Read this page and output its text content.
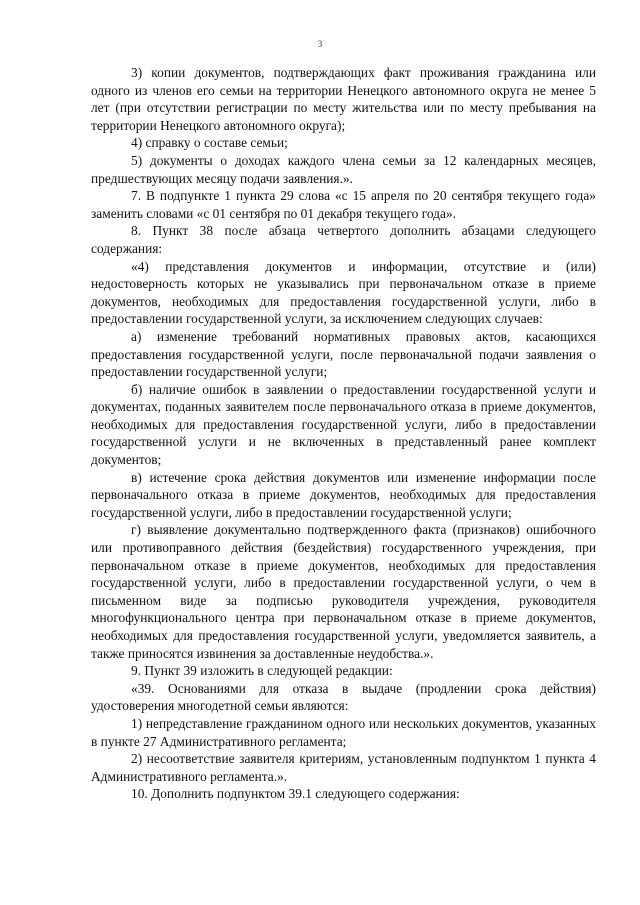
3

3) копии документов, подтверждающих факт проживания гражданина или одного из членов его семьи на территории Ненецкого автономного округа не менее 5 лет (при отсутствии регистрации по месту жительства или по месту пребывания на территории Ненецкого автономного округа);

4) справку о составе семьи;

5) документы о доходах каждого члена семьи за 12 календарных месяцев, предшествующих месяцу подачи заявления.».

7. В подпункте 1 пункта 29 слова «с 15 апреля по 20 сентября текущего года» заменить словами «с 01 сентября по 01 декабря текущего года».

8. Пункт 38 после абзаца четвертого дополнить абзацами следующего содержания:

«4) представления документов и информации, отсутствие и (или) недостоверность которых не указывались при первоначальном отказе в приеме документов, необходимых для предоставления государственной услуги, либо в предоставлении государственной услуги, за исключением следующих случаев:

а) изменение требований нормативных правовых актов, касающихся предоставления государственной услуги, после первоначальной подачи заявления о предоставлении государственной услуги;

б) наличие ошибок в заявлении о предоставлении государственной услуги и документах, поданных заявителем после первоначального отказа в приеме документов, необходимых для предоставления государственной услуги, либо в предоставлении государственной услуги и не включенных в представленный ранее комплект документов;

в) истечение срока действия документов или изменение информации после первоначального отказа в приеме документов, необходимых для предоставления государственной услуги, либо в предоставлении государственной услуги;

г) выявление документально подтвержденного факта (признаков) ошибочного или противоправного действия (бездействия) государственного учреждения, при первоначальном отказе в приеме документов, необходимых для предоставления государственной услуги, либо в предоставлении государственной услуги, о чем в письменном виде за подписью руководителя учреждения, руководителя многофункционального центра при первоначальном отказе в приеме документов, необходимых для предоставления государственной услуги, уведомляется заявитель, а также приносятся извинения за доставленные неудобства.».

9. Пункт 39 изложить в следующей редакции:

«39. Основаниями для отказа в выдаче (продлении срока действия) удостоверения многодетной семьи являются:

1) непредставление гражданином одного или нескольких документов, указанных в пункте 27 Административного регламента;

2) несоответствие заявителя критериям, установленным подпунктом 1 пункта 4 Административного регламента.».

10. Дополнить подпунктом 39.1 следующего содержания:
